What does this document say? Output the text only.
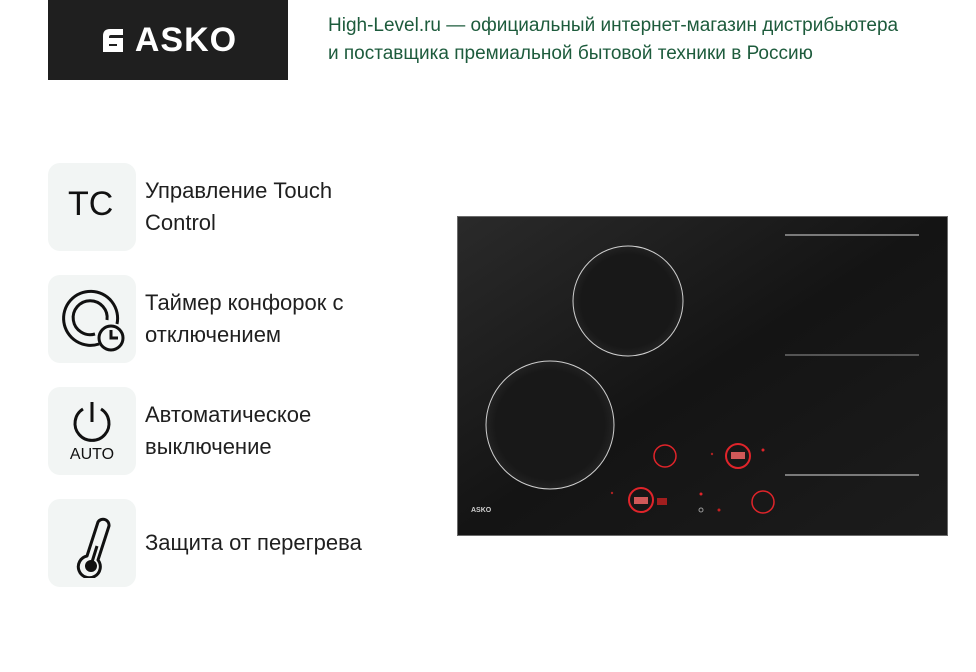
ASKO	High-Level.ru — официальный интернет-магазин дистрибьютера
и поставщика премиальной бытовой техники в Россию
TC Управление Touch
Control
Таймер конфорок с
отключением
AUTO
Автоматическое
выключение
Защита от перегрева
ASKO
